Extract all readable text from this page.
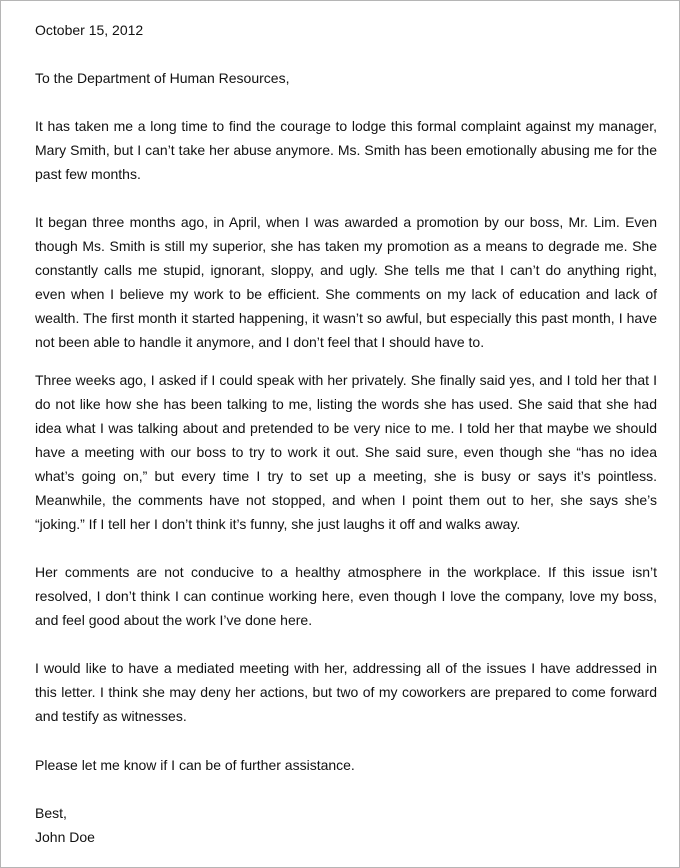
October 15, 2012
To the Department of Human Resources,
It has taken me a long time to find the courage to lodge this formal complaint against my manager,
Mary Smith, but I can’t take her abuse anymore. Ms. Smith has been emotionally abusing me for the
past few months.
It began three months ago, in April, when I was awarded a promotion by our boss, Mr. Lim. Even
though Ms. Smith is still my superior, she has taken my promotion as a means to degrade me. She
constantly calls me stupid, ignorant, sloppy, and ugly. She tells me that I can’t do anything right,
even when I believe my work to be efficient. She comments on my lack of education and lack of
wealth. The first month it started happening, it wasn’t so awful, but especially this past month, I have
not been able to handle it anymore, and I don’t feel that I should have to.
Three weeks ago, I asked if I could speak with her privately. She finally said yes, and I told her that I
do not like how she has been talking to me, listing the words she has used. She said that she had
idea what I was talking about and pretended to be very nice to me. I told her that maybe we should
have a meeting with our boss to try to work it out. She said sure, even though she “has no idea
what’s going on,” but every time I try to set up a meeting, she is busy or says it’s pointless.
Meanwhile, the comments have not stopped, and when I point them out to her, she says she’s
“joking.” If I tell her I don’t think it’s funny, she just laughs it off and walks away.
Her comments are not conducive to a healthy atmosphere in the workplace. If this issue isn’t
resolved, I don’t think I can continue working here, even though I love the company, love my boss,
and feel good about the work I’ve done here.
I would like to have a mediated meeting with her, addressing all of the issues I have addressed in
this letter. I think she may deny her actions, but two of my coworkers are prepared to come forward
and testify as witnesses.
Please let me know if I can be of further assistance.
Best,
John Doe
